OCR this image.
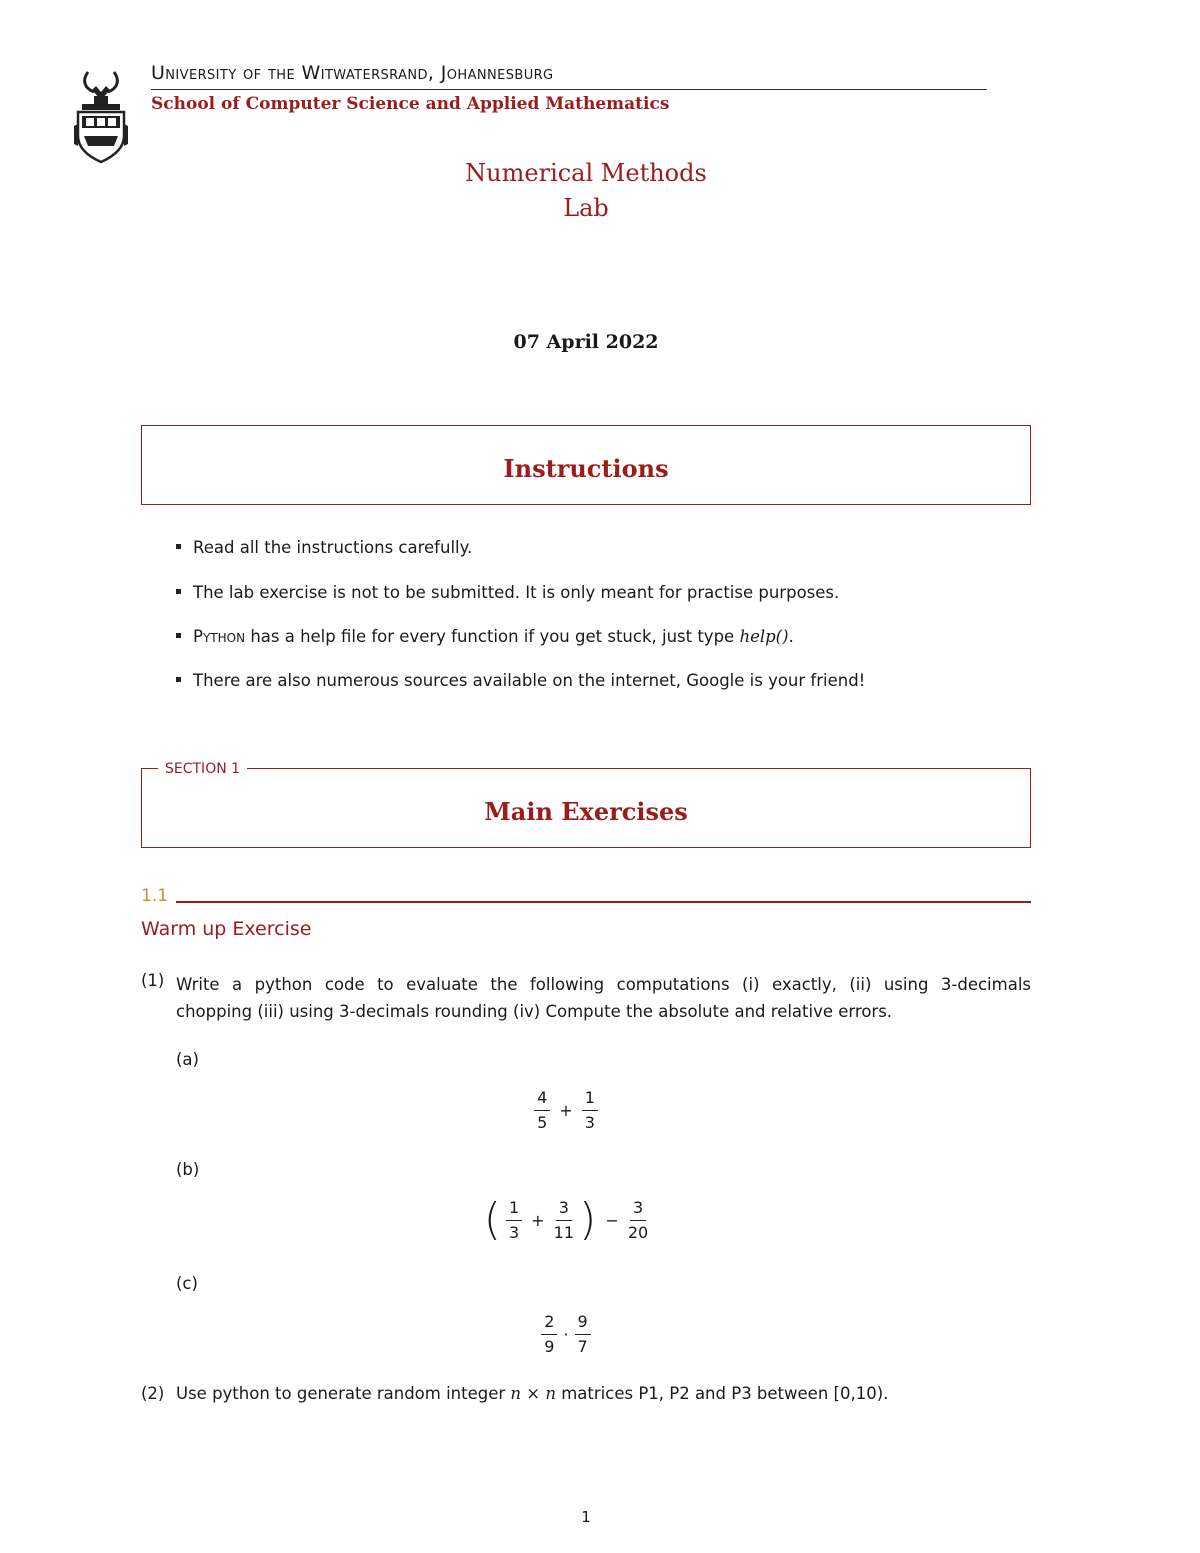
University of the Witwatersrand, Johannesburg
School of Computer Science and Applied Mathematics
Numerical Methods
Lab
07 April 2022
Instructions
Read all the instructions carefully.
The lab exercise is not to be submitted. It is only meant for practise purposes.
Python has a help file for every function if you get stuck, just type help().
There are also numerous sources available on the internet, Google is your friend!
Main Exercises
SECTION 1
1.1
Warm up Exercise
(1) Write a python code to evaluate the following computations (i) exactly, (ii) using 3-decimals
chopping (iii) using 3-decimals rounding (iv) Compute the absolute and relative errors.
(a)
$\frac{4}{5} + \frac{1}{3}$
(b)
( $\frac{1}{3} + \frac{3}{11}$ ) − $\frac{3}{20}$
(c)
$\frac{2}{9} \cdot \frac{9}{7}$
(2) Use python to generate random integer n × n matrices P1, P2 and P3 between [0,10).
1
